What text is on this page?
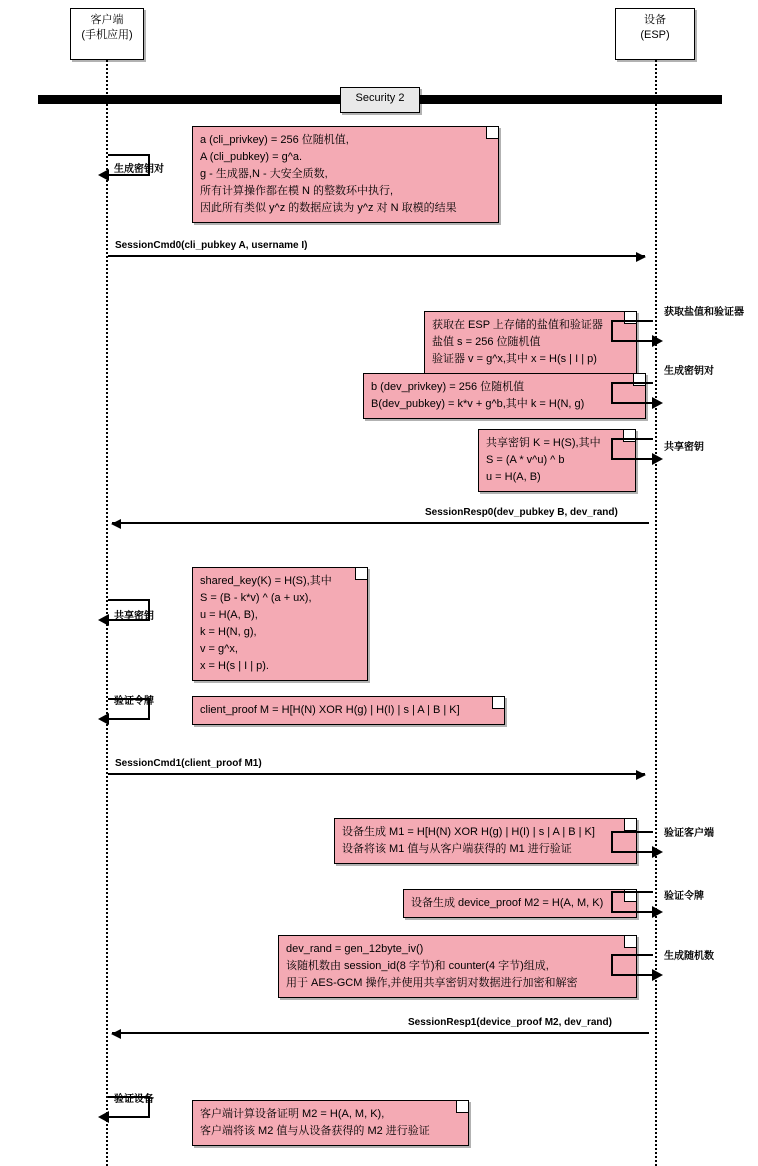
客户端
(手机应用)
设备
(ESP)
Security 2
a (cli_privkey) = 256 位随机值,
A (cli_pubkey) = g^a.
g - 生成器,N - 大安全质数,
所有计算操作都在模 N 的整数环中执行,
因此所有类似 y^z 的数据应读为 y^z 对 N 取模的结果
生成密钥对
SessionCmd0(cli_pubkey A, username I)
获取在 ESP 上存储的盐值和验证器
盐值 s = 256 位随机值
验证器 v = g^x,其中 x = H(s | I | p)
获取盐值和验证器
b (dev_privkey) = 256 位随机值
B(dev_pubkey) = k*v + g^b,其中 k = H(N, g)
生成密钥对
共享密钥 K = H(S),其中
S = (A * v^u) ^ b
u = H(A, B)
共享密钥
SessionResp0(dev_pubkey B, dev_rand)
shared_key(K) = H(S),其中
S = (B - k*v) ^ (a + ux),
u = H(A, B),
k = H(N, g),
v = g^x,
x = H(s | I | p).
共享密钥
client_proof M = H[H(N) XOR H(g) | H(I) | s | A | B | K]
验证令牌
SessionCmd1(client_proof M1)
设备生成 M1 = H[H(N) XOR H(g) | H(I) | s | A | B | K]
设备将该 M1 值与从客户端获得的 M1 进行验证
验证客户端
设备生成 device_proof M2 = H(A, M, K)
验证令牌
dev_rand = gen_12byte_iv()
该随机数由 session_id(8 字节)和 counter(4 字节)组成,
用于 AES-GCM 操作,并使用共享密钥对数据进行加密和解密
生成随机数
SessionResp1(device_proof M2, dev_rand)
客户端计算设备证明 M2 = H(A, M, K),
客户端将该 M2 值与从设备获得的 M2 进行验证
验证设备
